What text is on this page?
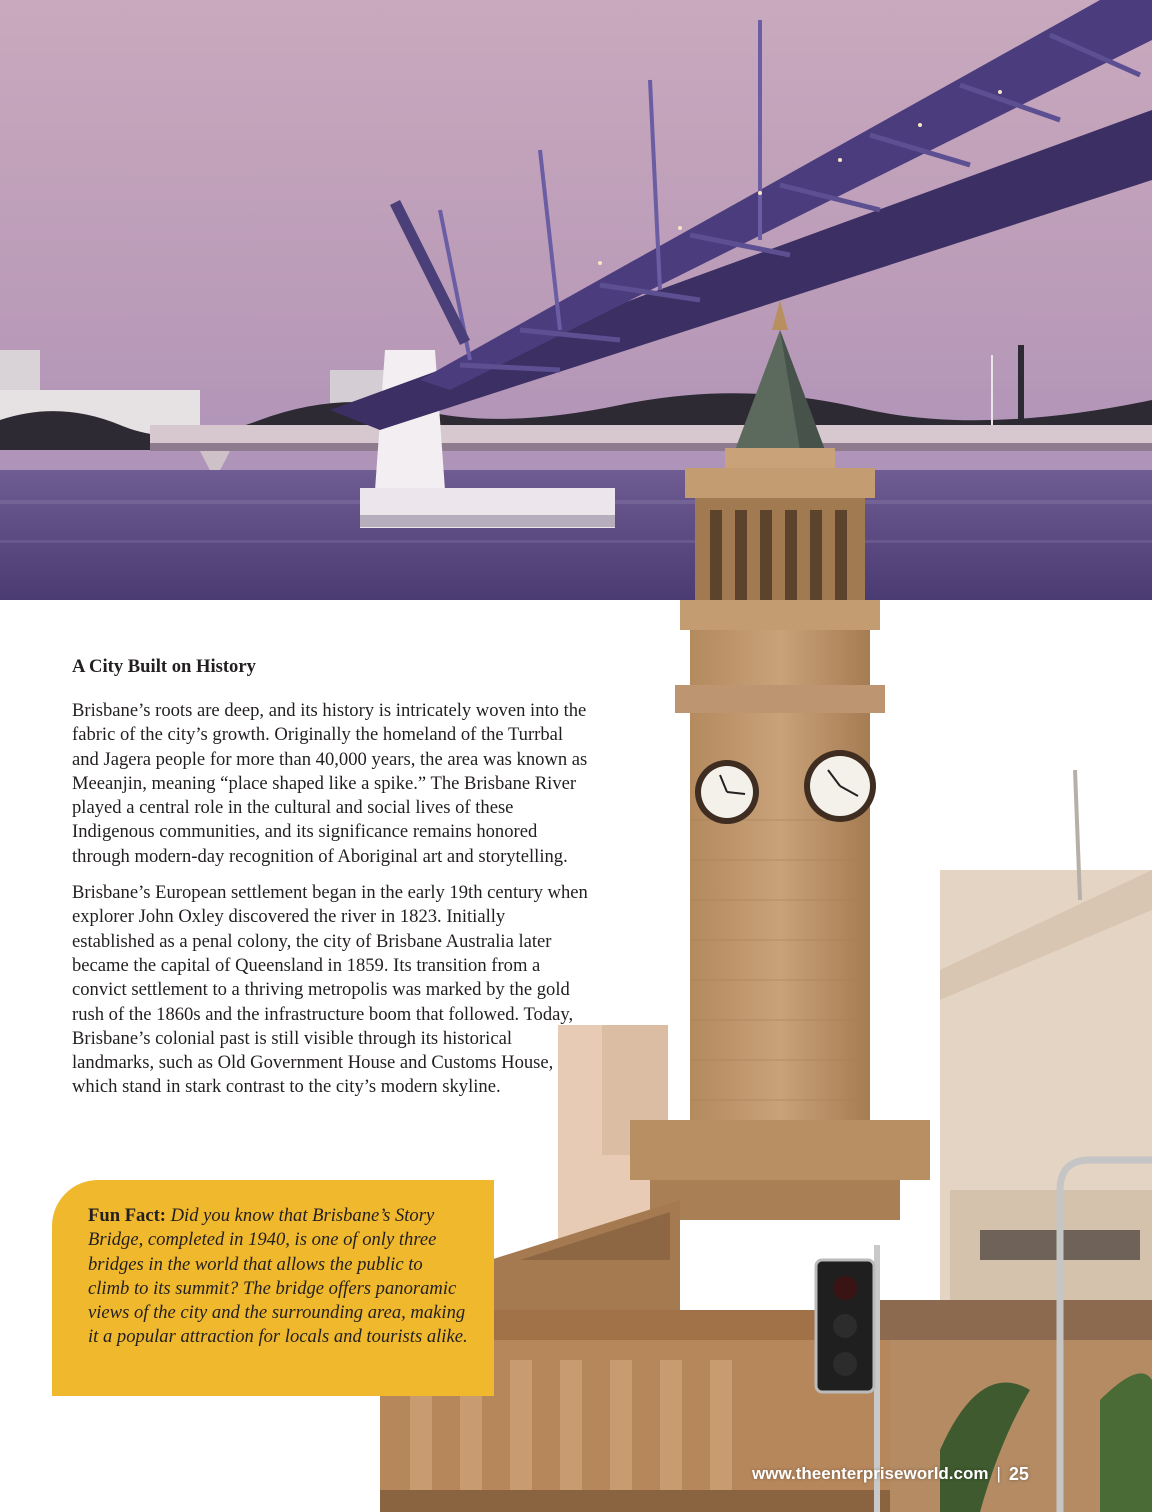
A City Built on History

Brisbane’s roots are deep, and its history is intricately woven into the fabric of the city’s growth. Originally the homeland of the Turrbal and Jagera people for more than 40,000 years, the area was known as Meeanjin, meaning “place shaped like a spike.” The Brisbane River played a central role in the cultural and social lives of these Indigenous communities, and its significance remains honored through modern-day recognition of Aboriginal art and storytelling.

Brisbane’s European settlement began in the early 19th century when explorer John Oxley discovered the river in 1823. Initially established as a penal colony, the city of Brisbane Australia later became the capital of Queensland in 1859. Its transition from a convict settlement to a thriving metropolis was marked by the gold rush of the 1860s and the infrastructure boom that followed. Today, Brisbane’s colonial past is still visible through its historical landmarks, such as Old Government House and Customs House, which stand in stark contrast to the city’s modern skyline.

Fun Fact: Did you know that Brisbane’s Story Bridge, completed in 1940, is one of only three bridges in the world that allows the public to climb to its summit? The bridge offers panoramic views of the city and the surrounding area, making it a popular attraction for locals and tourists alike.
www.theenterpriseworld.com | 25
